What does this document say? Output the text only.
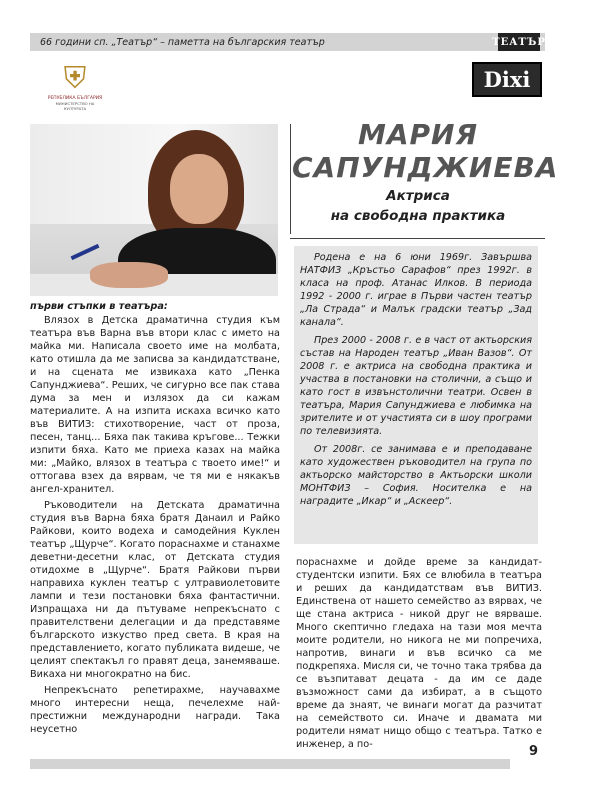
66 години сп. „Театър“ – паметта на българския театър	ТЕАТЪР
⛨
РЕПУБЛИКА БЪЛГАРИЯ
МИНИСТЕРСТВО НА КУЛТУРАТА
Dixi
МАРИЯ
САПУНДЖИЕВА
Актриса
на свободна практика

Родена е на 6 юни 1969г. Завършва НАТФИЗ „Кръстьо Сарафов“ през 1992г. в класа на проф. Атанас Илков. В периода 1992 - 2000 г. играе в Първи частен театър „Ла Страда“ и Малък градски театър „Зад канала“.

През 2000 - 2008 г. е в част от актьорския състав на Народен театър „Иван Вазов“. От 2008 г. е актриса на свободна практика и участва в постановки на столични, а също и като гост в извънстолични театри. Освен в театъра, Мария Сапунджиева е любимка на зрителите и от участията си в шоу програми по телевизията.

От 2008г. се занимава е и преподаване като художествен ръководител на група по актьорско майсторство в Актьорски школи МОНТФИЗ – София. Носителка е на наградите „Икар“ и „Аскеер“.

първи стъпки в театъра:

Влязох в Детска драматична студия към театъра във Варна във втори клас с името на майка ми. Написала своето име на молбата, като отишла да ме записва за кандидатстване, и на сцената ме извикаха като „Пенка Сапунджиева“. Реших, че сигурно все пак става дума за мен и излязох да си кажам материалите. А на изпита искаха всичко като във ВИТИЗ: стихотворение, част от проза, песен, танц... Бяха пак такива кръгове... Тежки изпити бяха. Като ме приеха казах на майка ми: „Майко, влязох в театъра с твоето име!“ и оттогава взех да вярвам, че тя ми е някакъв ангел-хранител.

Ръководители на Детската драматична студия във Варна бяха братя Данаил и Райко Райкови, които водеха и самодейния Куклен театър „Щурче“. Когато пораснахме и станахме деветни-десетни клас, от Детската студия отидохме в „Щурче“. Братя Райкови първи направиха куклен театър с ултравиолетовите лампи и тези постановки бяха фантастични. Изпращаха ни да пътуваме непрекъснато с правителствени делегации и да представяме българското изкуство пред света. В края на представлението, когато публиката видеше, че целият спектакъл го правят деца, занемяваше. Викаха ни многократно на бис.

Непрекъснато репетирахме, научавахме много интересни неща, печелехме най-престижни международни награди. Така неусетно

пораснахме и дойде време за кандидат-студентски изпити. Бях се влюбила в театъра и реших да кандидатствам във ВИТИЗ. Единствена от нашето семейство аз вярвах, че ще стана актриса - никой друг не вярваше. Много скептично гледаха на тази моя мечта моите родители, но никога не ми попречиха, напротив, винаги и във всичко са ме подкрепяха. Мисля си, че точно така трябва да се възпитават децата - да им се даде възможност сами да избират, а в същото време да знаят, че винаги могат да разчитат на семейството си. Иначе и двамата ми родители нямат нищо общо с театъра. Татко е инженер, а по-	9
